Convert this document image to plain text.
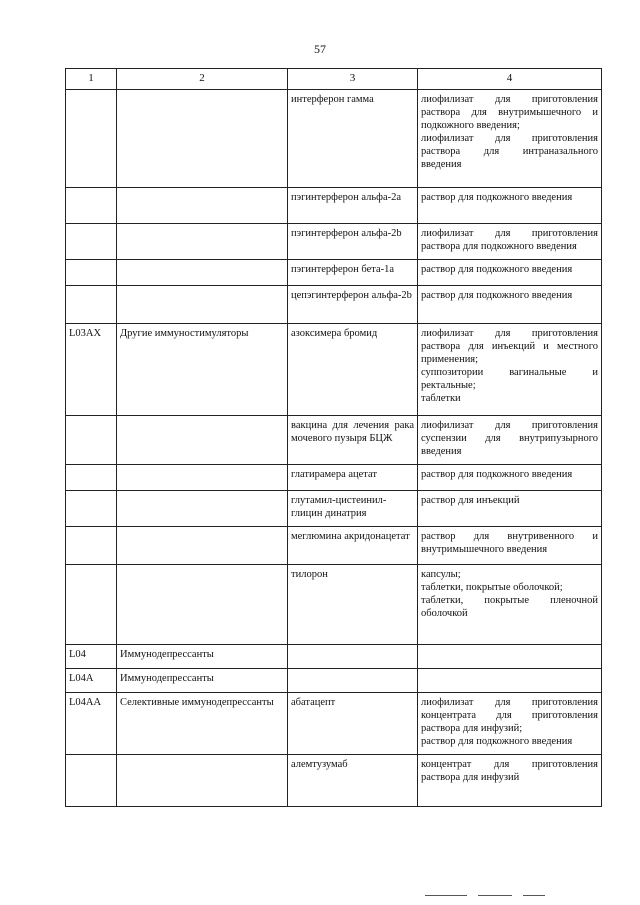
57
1	2	3	4
		интерферон гамма	лиофилизат для приготовления раствора для внутримышечного и подкожного введения;
лиофилизат для приготовления раствора для интраназального введения

		пэгинтерферон альфа-2a	раствор для подкожного введения

		пэгинтерферон альфа-2b	лиофилизат для приготовления раствора для подкожного введения

		пэгинтерферон бета-1a	раствор для подкожного введения

		цепэгинтерферон альфа-2b	раствор для подкожного введения

L03AX	Другие иммуностимуляторы	азоксимера бромид	лиофилизат для приготовления раствора для инъекций и местного применения;
суппозитории вагинальные и ректальные;
таблетки

		вакцина для лечения рака мочевого пузыря БЦЖ	лиофилизат для приготовления суспензии для внутрипузырного введения

		глатирамера ацетат	раствор для подкожного введения

		глутамил-цистеинил-глицин динатрия	раствор для инъекций

		меглюмина акридонацетат	раствор для внутривенного и внутримышечного введения

		тилорон	капсулы;
таблетки, покрытые оболочкой;
таблетки, покрытые пленочной оболочкой

L04	Иммунодепрессанты		
L04A	Иммунодепрессанты		
L04AA	Селективные иммунодепрессанты	абатацепт	лиофилизат для приготовления концентрата для приготовления раствора для инфузий;
раствор для подкожного введения

		алемтузумаб	концентрат для приготовления раствора для инфузий
